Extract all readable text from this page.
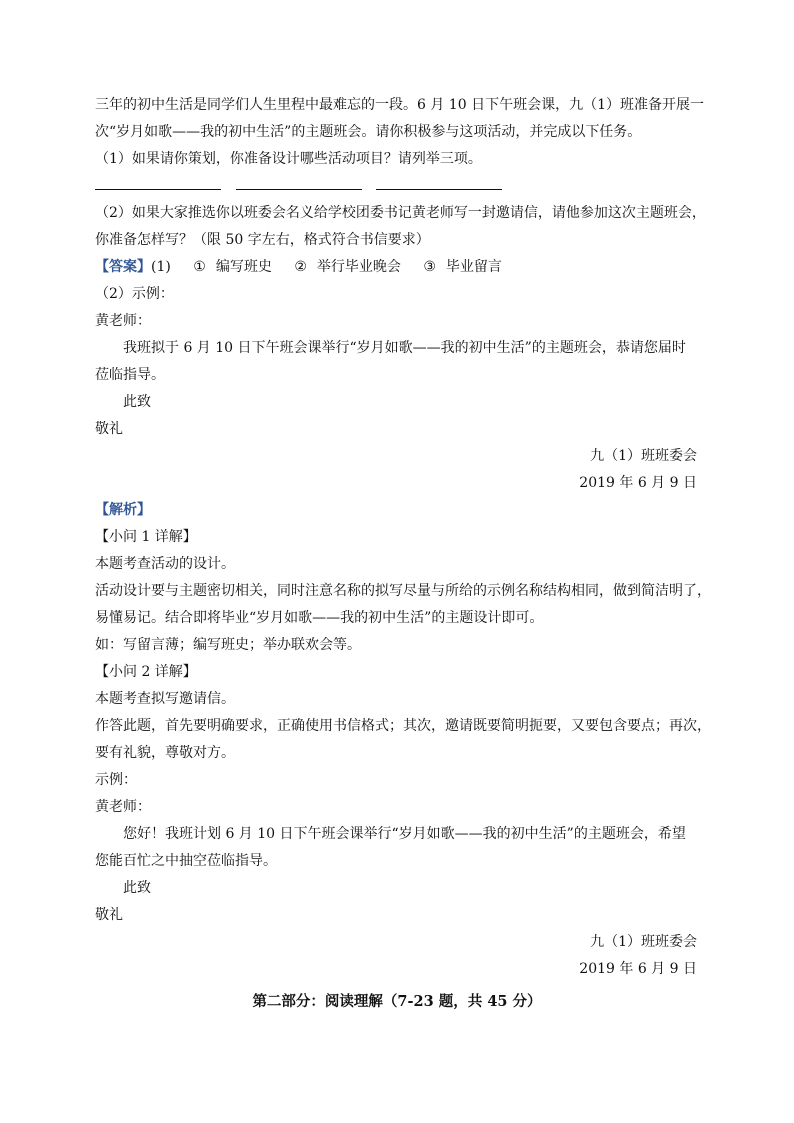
三年的初中生活是同学们人生里程中最难忘的一段。6 月 10 日下午班会课，九（1）班准备开展一
次“岁月如歌——我的初中生活”的主题班会。请你积极参与这项活动，并完成以下任务。
（1）如果请你策划，你准备设计哪些活动项目？请列举三项。
（2）如果大家推选你以班委会名义给学校团委书记黄老师写一封邀请信，请他参加这次主题班会，
你准备怎样写？（限 50 字左右，格式符合书信要求）
【答案】(1) ① 编写班史 ② 举行毕业晚会 ③ 毕业留言
（2）示例：
黄老师：
我班拟于 6 月 10 日下午班会课举行“岁月如歌——我的初中生活”的主题班会，恭请您届时
莅临指导。
此致
敬礼
九（1）班班委会
2019 年 6 月 9 日
【解析】
【小问 1 详解】
本题考查活动的设计。
活动设计要与主题密切相关，同时注意名称的拟写尽量与所给的示例名称结构相同，做到简洁明了，
易懂易记。结合即将毕业“岁月如歌——我的初中生活”的主题设计即可。
如：写留言薄；编写班史；举办联欢会等。
【小问 2 详解】
本题考查拟写邀请信。
作答此题，首先要明确要求，正确使用书信格式；其次，邀请既要简明扼要，又要包含要点；再次，
要有礼貌，尊敬对方。
示例：
黄老师：
您好！我班计划 6 月 10 日下午班会课举行“岁月如歌——我的初中生活”的主题班会，希望
您能百忙之中抽空莅临指导。
此致
敬礼
九（1）班班委会
2019 年 6 月 9 日
第二部分：阅读理解（7-23 题，共 45 分）
